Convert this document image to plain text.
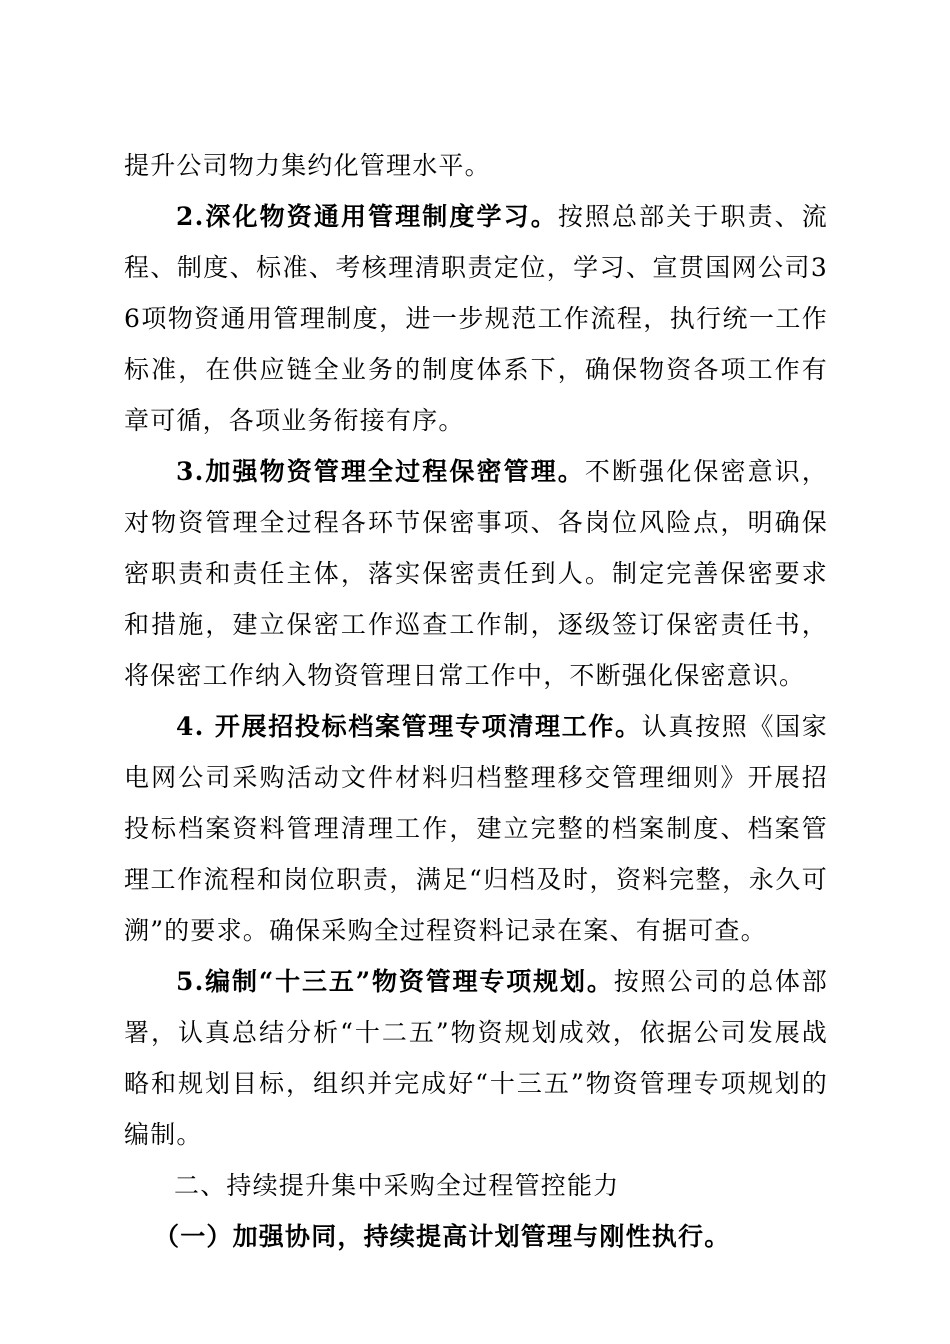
提升公司物力集约化管理水平。

2.深化物资通用管理制度学习。按照总部关于职责、流程、制度、标准、考核理清职责定位，学习、宣贯国网公司36项物资通用管理制度，进一步规范工作流程，执行统一工作标准，在供应链全业务的制度体系下，确保物资各项工作有章可循，各项业务衔接有序。

3.加强物资管理全过程保密管理。不断强化保密意识，对物资管理全过程各环节保密事项、各岗位风险点，明确保密职责和责任主体，落实保密责任到人。制定完善保密要求和措施，建立保密工作巡查工作制，逐级签订保密责任书，将保密工作纳入物资管理日常工作中，不断强化保密意识。

4. 开展招投标档案管理专项清理工作。认真按照《国家电网公司采购活动文件材料归档整理移交管理细则》开展招投标档案资料管理清理工作，建立完整的档案制度、档案管理工作流程和岗位职责，满足“归档及时，资料完整，永久可溯”的要求。确保采购全过程资料记录在案、有据可查。

5.编制“十三五”物资管理专项规划。按照公司的总体部署，认真总结分析“十二五”物资规划成效，依据公司发展战略和规划目标，组织并完成好“十三五”物资管理专项规划的编制。

二、持续提升集中采购全过程管控能力

（一）加强协同，持续提高计划管理与刚性执行。
